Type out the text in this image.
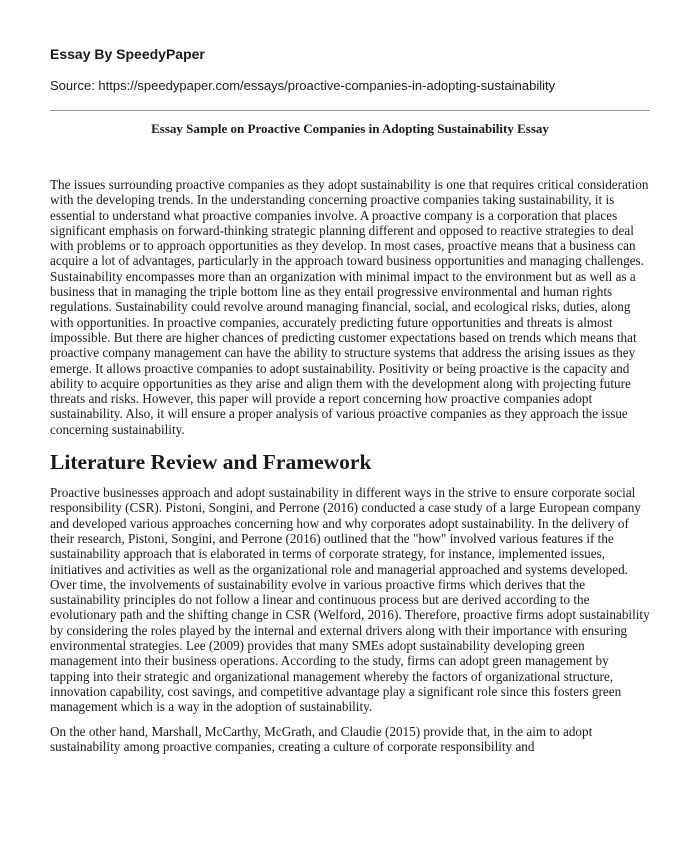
Essay By SpeedyPaper
Source: https://speedypaper.com/essays/proactive-companies-in-adopting-sustainability
Essay Sample on Proactive Companies in Adopting Sustainability Essay

The issues surrounding proactive companies as they adopt sustainability is one that requires critical consideration with the developing trends. In the understanding concerning proactive companies taking sustainability, it is essential to understand what proactive companies involve. A proactive company is a corporation that places significant emphasis on forward-thinking strategic planning different and opposed to reactive strategies to deal with problems or to approach opportunities as they develop. In most cases, proactive means that a business can acquire a lot of advantages, particularly in the approach toward business opportunities and managing challenges. Sustainability encompasses more than an organization with minimal impact to the environment but as well as a business that in managing the triple bottom line as they entail progressive environmental and human rights regulations. Sustainability could revolve around managing financial, social, and ecological risks, duties, along with opportunities. In proactive companies, accurately predicting future opportunities and threats is almost impossible. But there are higher chances of predicting customer expectations based on trends which means that proactive company management can have the ability to structure systems that address the arising issues as they emerge. It allows proactive companies to adopt sustainability. Positivity or being proactive is the capacity and ability to acquire opportunities as they arise and align them with the development along with projecting future threats and risks. However, this paper will provide a report concerning how proactive companies adopt sustainability. Also, it will ensure a proper analysis of various proactive companies as they approach the issue concerning sustainability.

Literature Review and Framework

Proactive businesses approach and adopt sustainability in different ways in the strive to ensure corporate social responsibility (CSR). Pistoni, Songini, and Perrone (2016) conducted a case study of a large European company and developed various approaches concerning how and why corporates adopt sustainability. In the delivery of their research, Pistoni, Songini, and Perrone (2016) outlined that the "how" involved various features if the sustainability approach that is elaborated in terms of corporate strategy, for instance, implemented issues, initiatives and activities as well as the organizational role and managerial approached and systems developed. Over time, the involvements of sustainability evolve in various proactive firms which derives that the sustainability principles do not follow a linear and continuous process but are derived according to the evolutionary path and the shifting change in CSR (Welford, 2016). Therefore, proactive firms adopt sustainability by considering the roles played by the internal and external drivers along with their importance with ensuring environmental strategies. Lee (2009) provides that many SMEs adopt sustainability developing green management into their business operations. According to the study, firms can adopt green management by tapping into their strategic and organizational management whereby the factors of organizational structure, innovation capability, cost savings, and competitive advantage play a significant role since this fosters green management which is a way in the adoption of sustainability.

On the other hand, Marshall, McCarthy, McGrath, and Claudie (2015) provide that, in the aim to adopt sustainability among proactive companies, creating a culture of corporate responsibility and
